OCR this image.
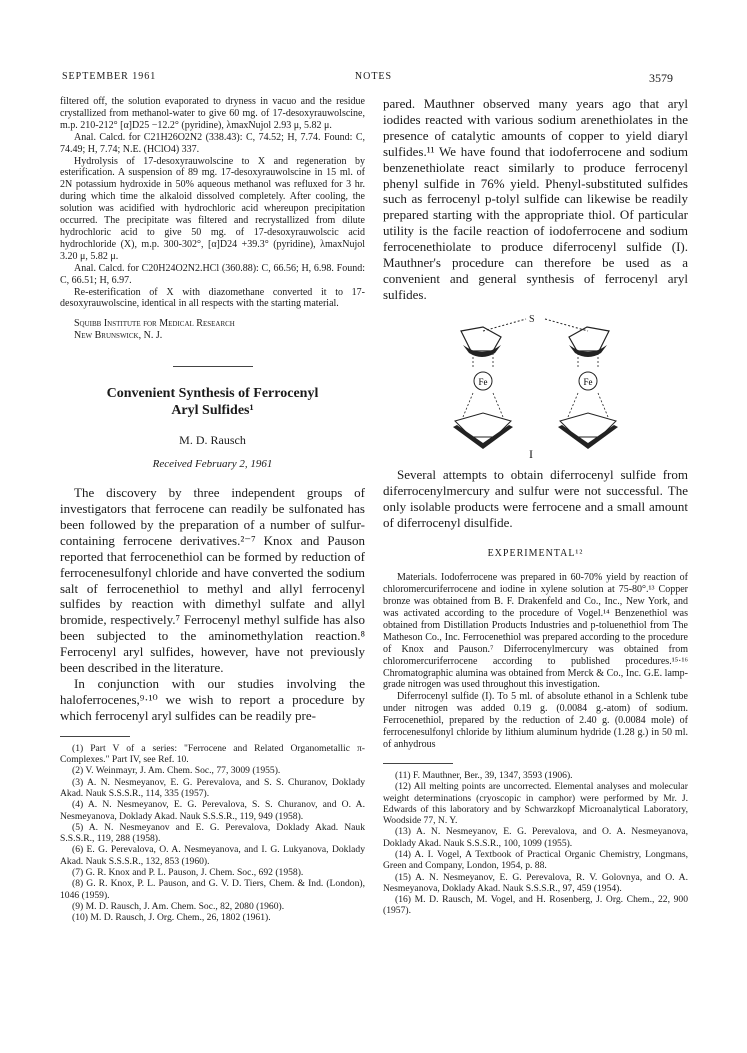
SEPTEMBER 1961	NOTES	3579

filtered off, the solution evaporated to dryness in vacuo and the residue crystallized from methanol-water to give 60 mg. of 17-desoxyrauwolscine, m.p. 210-212° [α]D25 −12.2° (pyridine), λmaxNujol 2.93 μ, 5.82 μ.

Anal. Calcd. for C21H26O2N2 (338.43): C, 74.52; H, 7.74. Found: C, 74.49; H, 7.74; N.E. (HClO4) 337.

Hydrolysis of 17-desoxyrauwolscine to X and regeneration by esterification. A suspension of 89 mg. 17-desoxyrauwolscine in 15 ml. of 2N potassium hydroxide in 50% aqueous methanol was refluxed for 3 hr. during which time the alkaloid dissolved completely. After cooling, the solution was acidified with hydrochloric acid whereupon precipitation occurred. The precipitate was filtered and recrystallized from dilute hydrochloric acid to give 50 mg. of 17-desoxyrauwolscic acid hydrochloride (X), m.p. 300-302°, [α]D24 +39.3° (pyridine), λmaxNujol 3.20 μ, 5.82 μ.

Anal. Calcd. for C20H24O2N2.HCl (360.88): C, 66.56; H, 6.98. Found: C, 66.51; H, 6.97.

Re-esterification of X with diazomethane converted it to 17-desoxyrauwolscine, identical in all respects with the starting material.

Squibb Institute for Medical Research
New Brunswick, N. J.
Convenient Synthesis of Ferrocenyl
Aryl Sulfides¹
M. D. Rausch
Received February 2, 1961

The discovery by three independent groups of investigators that ferrocene can readily be sulfonated has been followed by the preparation of a number of sulfur-containing ferrocene derivatives.²⁻⁷ Knox and Pauson reported that ferrocenethiol can be formed by reduction of ferrocenesulfonyl chloride and have converted the sodium salt of ferrocenethiol to methyl and allyl ferrocenyl sulfides by reaction with dimethyl sulfate and allyl bromide, respectively.⁷ Ferrocenyl methyl sulfide has also been subjected to the aminomethylation reaction.⁸ Ferrocenyl aryl sulfides, however, have not previously been described in the literature.

In conjunction with our studies involving the haloferrocenes,⁹·¹⁰ we wish to report a procedure by which ferrocenyl aryl sulfides can be readily pre-

(1) Part V of a series: "Ferrocene and Related Organometallic π-Complexes." Part IV, see Ref. 10.

(2) V. Weinmayr, J. Am. Chem. Soc., 77, 3009 (1955).

(3) A. N. Nesmeyanov, E. G. Perevalova, and S. S. Churanov, Doklady Akad. Nauk S.S.S.R., 114, 335 (1957).

(4) A. N. Nesmeyanov, E. G. Perevalova, S. S. Churanov, and O. A. Nesmeyanova, Doklady Akad. Nauk S.S.S.R., 119, 949 (1958).

(5) A. N. Nesmeyanov and E. G. Perevalova, Doklady Akad. Nauk S.S.S.R., 119, 288 (1958).

(6) E. G. Perevalova, O. A. Nesmeyanova, and I. G. Lukyanova, Doklady Akad. Nauk S.S.S.R., 132, 853 (1960).

(7) G. R. Knox and P. L. Pauson, J. Chem. Soc., 692 (1958).

(8) G. R. Knox, P. L. Pauson, and G. V. D. Tiers, Chem. & Ind. (London), 1046 (1959).

(9) M. D. Rausch, J. Am. Chem. Soc., 82, 2080 (1960).

(10) M. D. Rausch, J. Org. Chem., 26, 1802 (1961).

pared. Mauthner observed many years ago that aryl iodides reacted with various sodium arenethiolates in the presence of catalytic amounts of copper to yield diaryl sulfides.¹¹ We have found that iodoferrocene and sodium benzenethiolate react similarly to produce ferrocenyl phenyl sulfide in 76% yield. Phenyl-substituted sulfides such as ferrocenyl p-tolyl sulfide can likewise be readily prepared starting with the appropriate thiol. Of particular utility is the facile reaction of iodoferrocene and sodium ferrocenethiolate to produce diferrocenyl sulfide (I). Mauthner's procedure can therefore be used as a convenient and general synthesis of ferrocenyl aryl sulfides.

Fe	Fe
S
I

Several attempts to obtain diferrocenyl sulfide from diferrocenylmercury and sulfur were not successful. The only isolable products were ferrocene and a small amount of diferrocenyl disulfide.

EXPERIMENTAL¹²

Materials. Iodoferrocene was prepared in 60-70% yield by reaction of chloromercuriferrocene and iodine in xylene solution at 75-80°.¹³ Copper bronze was obtained from B. F. Drakenfeld and Co., Inc., New York, and was activated according to the procedure of Vogel.¹⁴ Benzenethiol was obtained from Distillation Products Industries and p-toluenethiol from The Matheson Co., Inc. Ferrocenethiol was prepared according to the procedure of Knox and Pauson.⁷ Diferrocenylmercury was obtained from chloromercuriferrocene according to published procedures.¹⁵·¹⁶ Chromatographic alumina was obtained from Merck & Co., Inc. G.E. lamp-grade nitrogen was used throughout this investigation.

Diferrocenyl sulfide (I). To 5 ml. of absolute ethanol in a Schlenk tube under nitrogen was added 0.19 g. (0.0084 g.-atom) of sodium. Ferrocenethiol, prepared by the reduction of 2.40 g. (0.0084 mole) of ferrocenesulfonyl chloride by lithium aluminum hydride (1.28 g.) in 50 ml. of anhydrous

(11) F. Mauthner, Ber., 39, 1347, 3593 (1906).

(12) All melting points are uncorrected. Elemental analyses and molecular weight determinations (cryoscopic in camphor) were performed by Mr. J. Edwards of this laboratory and by Schwarzkopf Microanalytical Laboratory, Woodside 77, N. Y.

(13) A. N. Nesmeyanov, E. G. Perevalova, and O. A. Nesmeyanova, Doklady Akad. Nauk S.S.S.R., 100, 1099 (1955).

(14) A. I. Vogel, A Textbook of Practical Organic Chemistry, Longmans, Green and Company, London, 1954, p. 88.

(15) A. N. Nesmeyanov, E. G. Perevalova, R. V. Golovnya, and O. A. Nesmeyanova, Doklady Akad. Nauk S.S.S.R., 97, 459 (1954).

(16) M. D. Rausch, M. Vogel, and H. Rosenberg, J. Org. Chem., 22, 900 (1957).
